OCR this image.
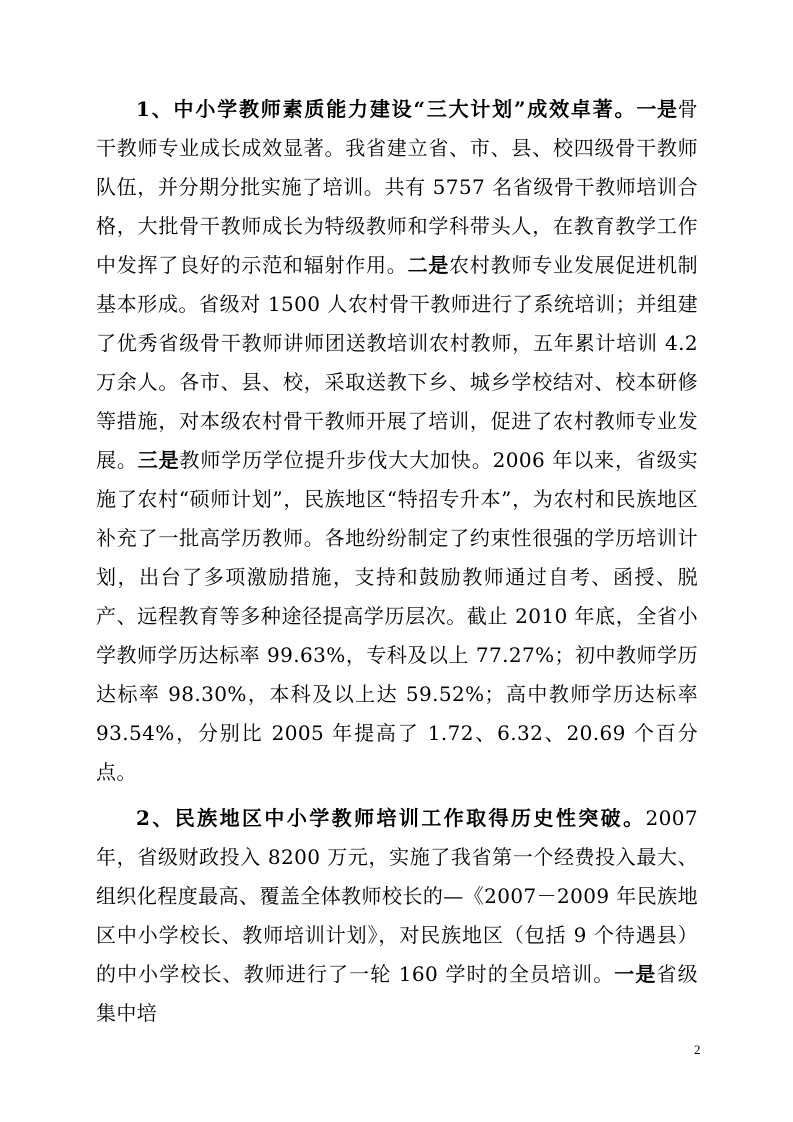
1、中小学教师素质能力建设“三大计划”成效卓著。一是骨干教师专业成长成效显著。我省建立省、市、县、校四级骨干教师队伍，并分期分批实施了培训。共有 5757 名省级骨干教师培训合格，大批骨干教师成长为特级教师和学科带头人，在教育教学工作中发挥了良好的示范和辐射作用。二是农村教师专业发展促进机制基本形成。省级对 1500 人农村骨干教师进行了系统培训；并组建了优秀省级骨干教师讲师团送教培训农村教师，五年累计培训 4.2 万余人。各市、县、校，采取送教下乡、城乡学校结对、校本研修等措施，对本级农村骨干教师开展了培训，促进了农村教师专业发展。三是教师学历学位提升步伐大大加快。2006 年以来，省级实施了农村“硕师计划”，民族地区“特招专升本”，为农村和民族地区补充了一批高学历教师。各地纷纷制定了约束性很强的学历培训计划，出台了多项激励措施，支持和鼓励教师通过自考、函授、脱产、远程教育等多种途径提高学历层次。截止 2010 年底，全省小学教师学历达标率 99.63%，专科及以上 77.27%；初中教师学历达标率 98.30%，本科及以上达 59.52%；高中教师学历达标率 93.54%，分别比 2005 年提高了 1.72、6.32、20.69 个百分点。

2、民族地区中小学教师培训工作取得历史性突破。2007 年，省级财政投入 8200 万元，实施了我省第一个经费投入最大、组织化程度最高、覆盖全体教师校长的—《2007－2009 年民族地区中小学校长、教师培训计划》，对民族地区（包括 9 个待遇县）的中小学校长、教师进行了一轮 160 学时的全员培训。一是省级集中培

2
